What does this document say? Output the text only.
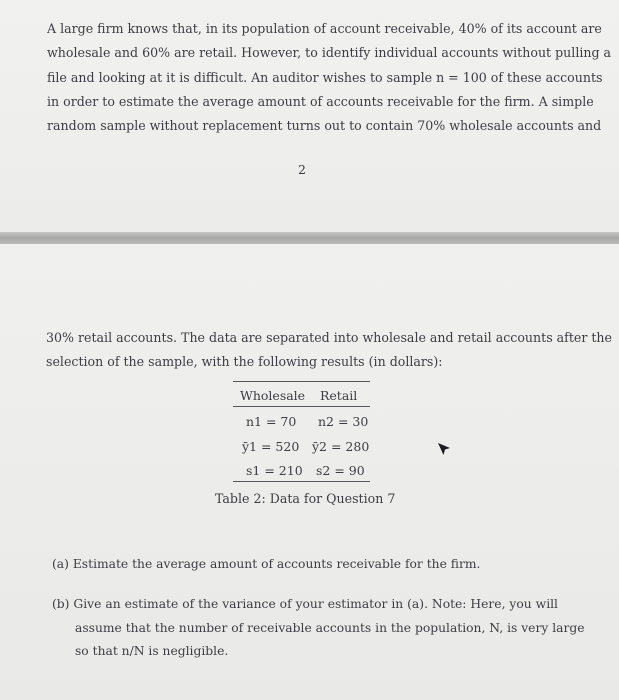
A large firm knows that, in its population of account receivable, 40% of its account are
wholesale and 60% are retail. However, to identify individual accounts without pulling a
file and looking at it is difficult. An auditor wishes to sample n = 100 of these accounts
in order to estimate the average amount of accounts receivable for the firm. A simple
random sample without replacement turns out to contain 70% wholesale accounts and
2
30% retail accounts. The data are separated into wholesale and retail accounts after the
selection of the sample, with the following results (in dollars):
Wholesale Retail
n1 = 70 n2 = 30
ȳ1 = 520 ȳ2 = 280
s1 = 210 s2 = 90
Table 2: Data for Question 7
(a) Estimate the average amount of accounts receivable for the firm.
(b) Give an estimate of the variance of your estimator in (a). Note: Here, you will
assume that the number of receivable accounts in the population, N, is very large
so that n/N is negligible.
